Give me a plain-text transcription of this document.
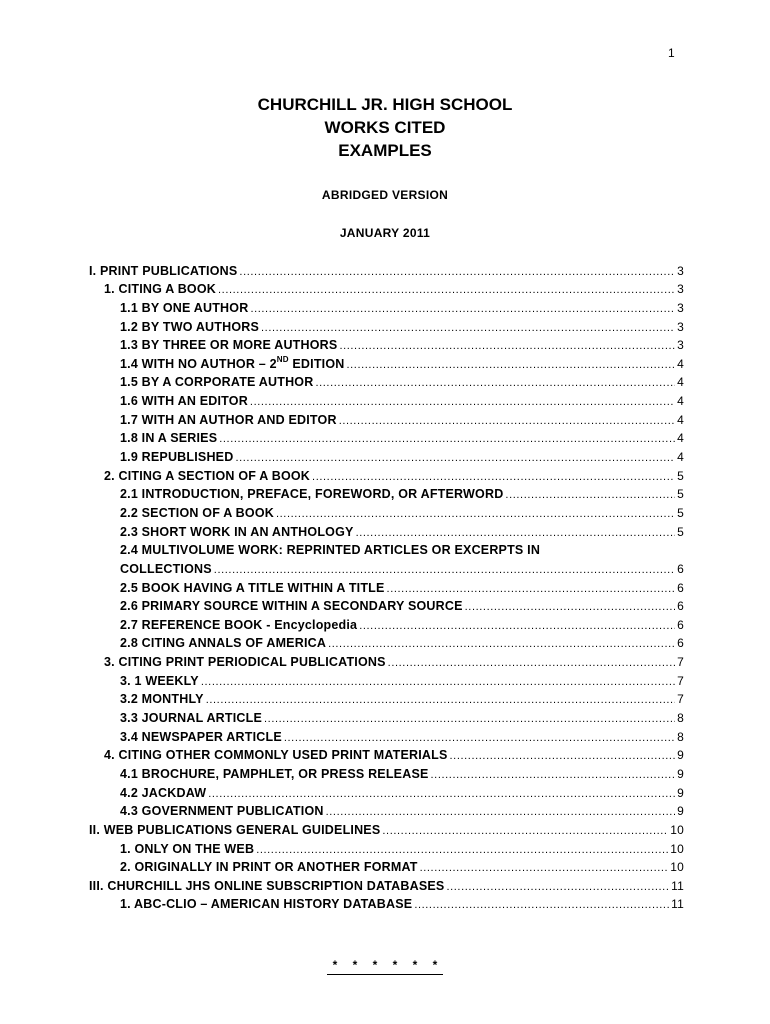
1
CHURCHILL JR. HIGH SCHOOL
WORKS CITED
EXAMPLES
ABRIDGED VERSION
JANUARY 2011
I. PRINT PUBLICATIONS .....	3
1. CITING A BOOK .....	3
1.1 BY ONE AUTHOR .....	3
1.2 BY TWO AUTHORS .....	3
1.3 BY THREE OR MORE AUTHORS .....	3
1.4 WITH NO AUTHOR – 2ND EDITION .....	4
1.5 BY A CORPORATE AUTHOR .....	4
1.6 WITH AN EDITOR .....	4
1.7 WITH AN AUTHOR AND EDITOR .....	4
1.8 IN A SERIES .....	4
1.9 REPUBLISHED .....	4
2. CITING A SECTION OF A BOOK .....	5
2.1 INTRODUCTION, PREFACE, FOREWORD, OR AFTERWORD .....	5
2.2 SECTION OF A BOOK .....	5
2.3 SHORT WORK IN AN ANTHOLOGY .....	5
2.4 MULTIVOLUME WORK: REPRINTED ARTICLES OR EXCERPTS IN
COLLECTIONS .....	6
2.5 BOOK HAVING A TITLE WITHIN A TITLE .....	6
2.6 PRIMARY SOURCE WITHIN A SECONDARY SOURCE .....	6
2.7 REFERENCE BOOK - Encyclopedia .....	6
2.8 CITING ANNALS OF AMERICA .....	6
3. CITING PRINT PERIODICAL PUBLICATIONS .....	7
3. 1 WEEKLY .....	7
3.2 MONTHLY .....	7
3.3 JOURNAL ARTICLE .....	8
3.4 NEWSPAPER ARTICLE .....	8
4. CITING OTHER COMMONLY USED PRINT MATERIALS .....	9
4.1 BROCHURE, PAMPHLET, OR PRESS RELEASE .....	9
4.2 JACKDAW .....	9
4.3 GOVERNMENT PUBLICATION .....	9
II. WEB PUBLICATIONS GENERAL GUIDELINES .....	10
1. ONLY ON THE WEB .....	10
2. ORIGINALLY IN PRINT OR ANOTHER FORMAT .....	10
III. CHURCHILL JHS ONLINE SUBSCRIPTION DATABASES .....	11
1. ABC-CLIO – AMERICAN HISTORY DATABASE .....	11
* * * * * *
